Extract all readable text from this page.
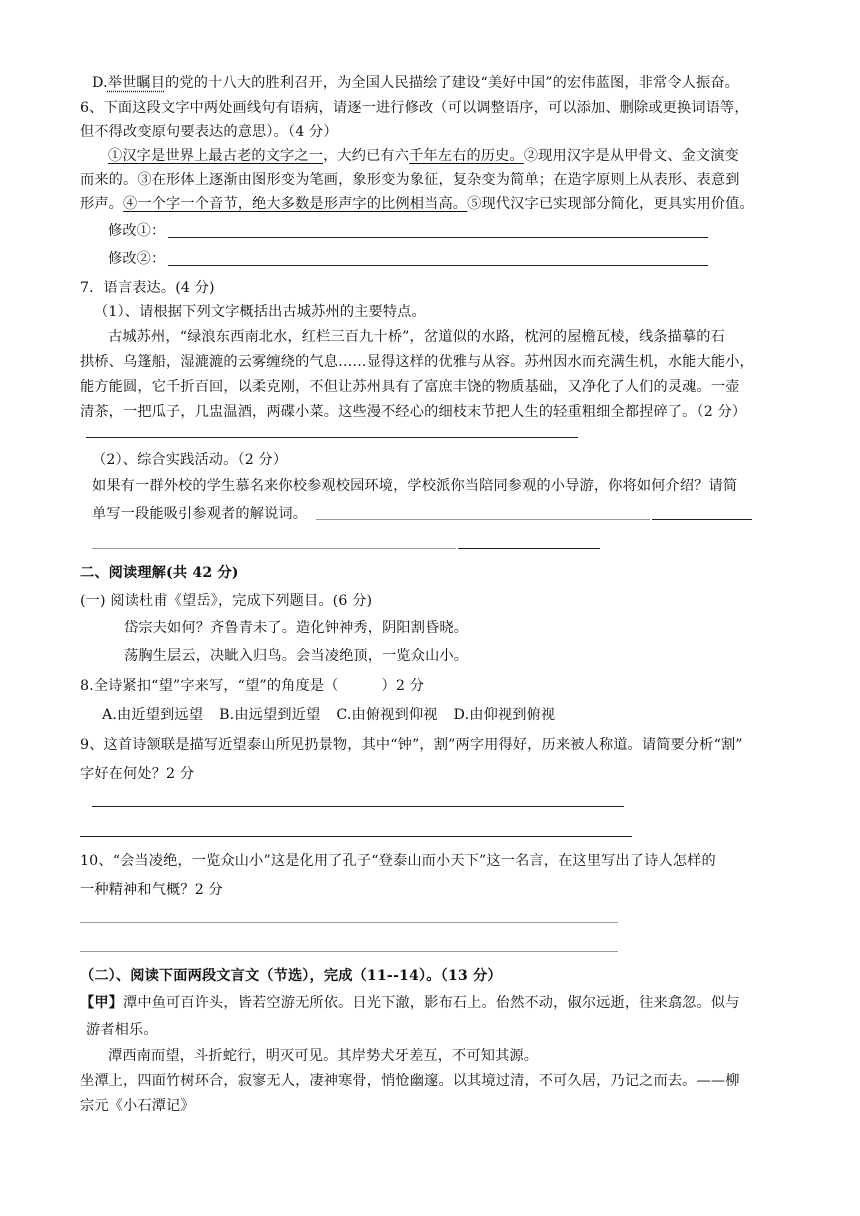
D.举世瞩目的党的十八大的胜利召开，为全国人民描绘了建设“美好中国”的宏伟蓝图，非常令人振奋。
6、下面这段文字中两处画线句有语病，请逐一进行修改（可以调整语序，可以添加、删除或更换词语等，
但不得改变原句要表达的意思）。（4 分）
①汉字是世界上最古老的文字之一，大约已有六千年左右的历史。②现用汉字是从甲骨文、金文演变
而来的。③在形体上逐渐由图形变为笔画，象形变为象征，复杂变为简单；在造字原则上从表形、表意到
形声。④一个字一个音节，绝大多数是形声字的比例相当高。⑤现代汉字已实现部分简化，更具实用价值。
修改①：
修改②：
7．语言表达。(4 分)
（1）、请根据下列文字概括出古城苏州的主要特点。
古城苏州，“绿浪东西南北水，红栏三百九十桥”，岔道似的水路，枕河的屋檐瓦棱，线条描摹的石
拱桥、乌篷船，湿漉漉的云雾缠绕的气息……显得这样的优雅与从容。苏州因水而充满生机，水能大能小，
能方能圆，它千折百回，以柔克刚，不但让苏州具有了富庶丰饶的物质基础，又净化了人们的灵魂。一壶
清茶，一把瓜子，几盅温酒，两碟小菜。这些漫不经心的细枝末节把人生的轻重粗细全都捏碎了。（2 分）
（2）、综合实践活动。（2 分）
如果有一群外校的学生慕名来你校参观校园环境，学校派你当陪同参观的小导游，你将如何介绍？请简
单写一段能吸引参观者的解说词。
二、阅读理解(共 42 分)
(一) 阅读杜甫《望岳》，完成下列题目。(6 分)
岱宗夫如何？齐鲁青未了。造化钟神秀，阴阳割昏晓。
荡胸生层云，决眦入归鸟。会当凌绝顶，一览众山小。
8.全诗紧扣“望”字来写，“望”的角度是（　　　）2 分
A.由近望到远望 B.由远望到近望 C.由俯视到仰视 D.由仰视到俯视
9、这首诗颔联是描写近望泰山所见扔景物，其中“钟”，割”两字用得好，历来被人称道。请简要分析“割”
字好在何处？2 分
10、“会当凌绝，一览众山小”这是化用了孔子“登泰山而小天下”这一名言，在这里写出了诗人怎样的
一种精神和气概？2 分
（二）、阅读下面两段文言文（节选），完成（11--14）。（13 分）
【甲】潭中鱼可百许头，皆若空游无所依。日光下澈，影布石上。佁然不动，俶尔远逝，往来翕忽。似与
游者相乐。
潭西南而望，斗折蛇行，明灭可见。其岸势犬牙差互，不可知其源。
坐潭上，四面竹树环合，寂寥无人，凄神寒骨，悄怆幽邃。以其境过清，不可久居，乃记之而去。——柳
宗元《小石潭记》
